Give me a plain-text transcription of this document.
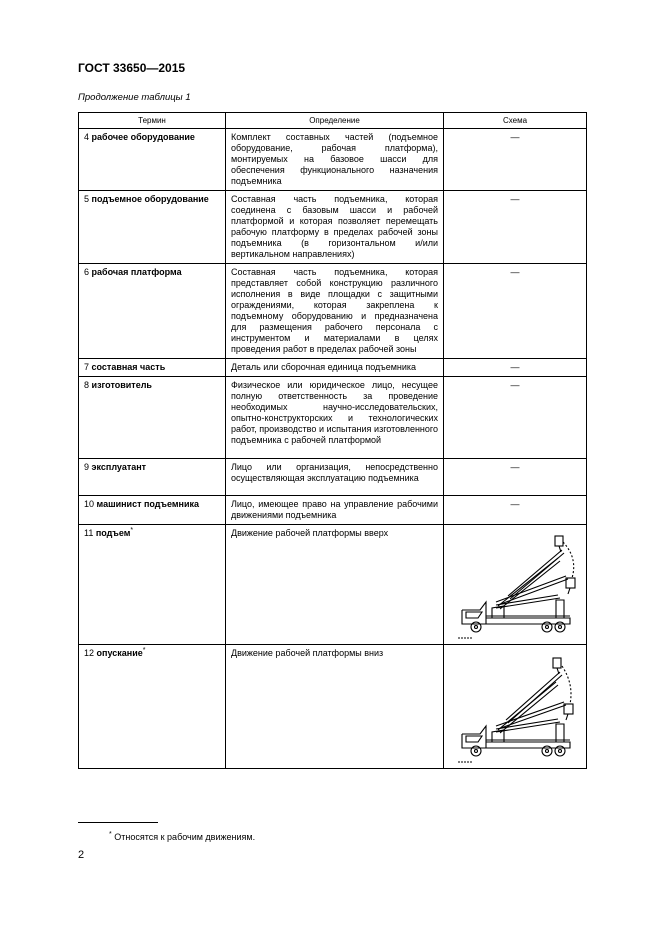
ГОСТ 33650—2015
Продолжение таблицы 1
Термин	Определение	Схема
4 рабочее оборудование	Комплект составных частей (подъемное оборудование, рабочая платформа), монтируемых на базовое шасси для обеспечения функционального назначения подъемника	—
5 подъемное оборудование	Составная часть подъемника, которая соединена с базовым шасси и рабочей платформой и которая позволяет перемещать рабочую платформу в пределах рабочей зоны подъемника (в горизонтальном и/или вертикальном направлениях)	—
6 рабочая платформа	Составная часть подъемника, которая представляет собой конструкцию различного исполнения в виде площадки с защитными ограждениями, которая закреплена к подъемному оборудованию и предназначена для размещения рабочего персонала с инструментом и материалами в целях проведения работ в пределах рабочей зоны	—
7 составная часть	Деталь или сборочная единица подъемника	—
8 изготовитель	Физическое или юридическое лицо, несущее полную ответственность за проведение необходимых научно-исследовательских, опытно-конструкторских и технологических работ, производство и испытания изготовленного подъемника с рабочей платформой	—
9 эксплуатант	Лицо или организация, непосредственно осуществляющая эксплуатацию подъемника	—
10 машинист подъемника	Лицо, имеющее право на управление рабочими движениями подъемника	—
11 подъем*	Движение рабочей платформы вверх	

12 опускание*	Движение рабочей платформы вниз	
* Относятся к рабочим движениям.
2
